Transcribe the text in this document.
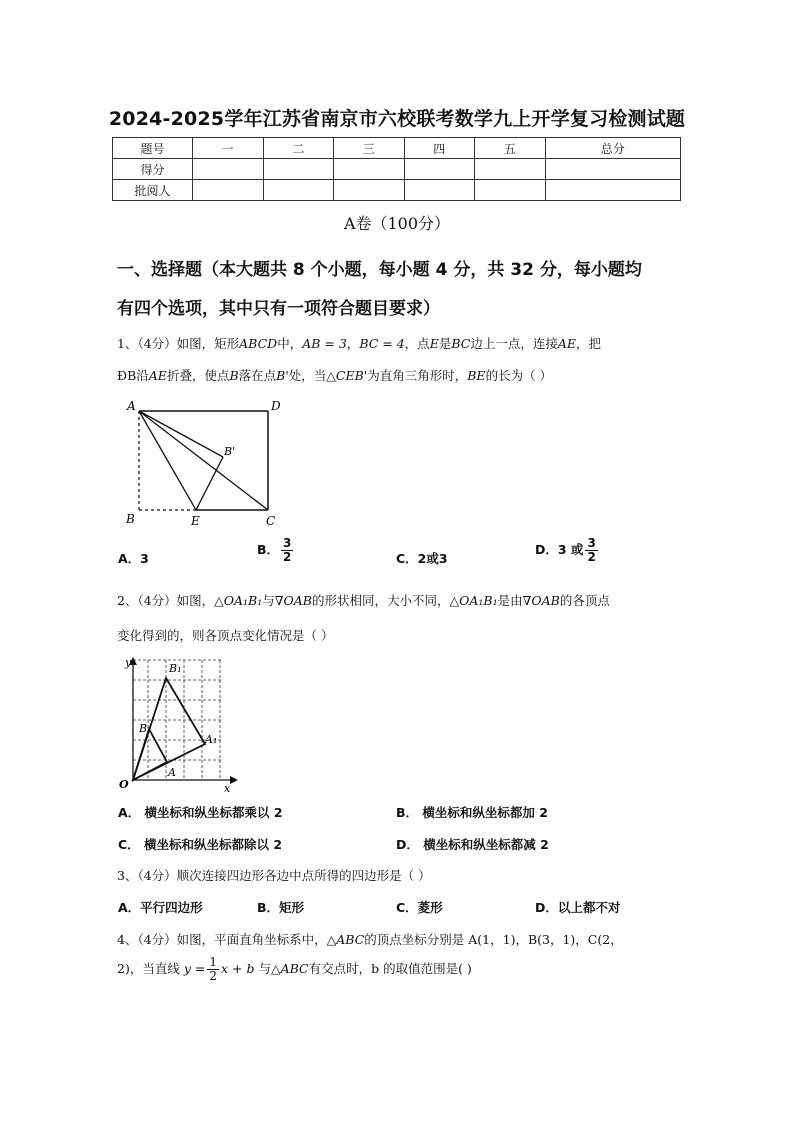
2024-2025学年江苏省南京市六校联考数学九上开学复习检测试题
题号	一	二	三	四	五	总分
得分						
批阅人						
A卷（100分）
一、选择题（本大题共 8 个小题，每小题 4 分，共 32 分，每小题均
有四个选项，其中只有一项符合题目要求）
1、（4分）如图，矩形ABCD中，AB = 3，BC = 4，点E是BC边上一点，连接AE，把
ÐB沿AE折叠，使点B落在点B'处，当△CEB'为直角三角形时，BE的长为（ ）
A	D
B	E	C
B'
A．3
B． $\frac{3}{2}$	C．2或3
D．3 或 $\frac{3}{2}$
2、（4分）如图，△OA₁B₁与∇OAB的形状相同，大小不同，△OA₁B₁是由∇OAB的各顶点
变化得到的，则各顶点变化情况是（ ）
y
x
O
A
B
A₁
B₁
A． 横坐标和纵坐标都乘以 2	B． 横坐标和纵坐标都加 2
C． 横坐标和纵坐标都除以 2	D． 横坐标和纵坐标都减 2
3、（4分）顺次连接四边形各边中点所得的四边形是（ ）
A．平行四边形	B．矩形	C．菱形	D．以上都不对
4、（4分）如图，平面直角坐标系中，△ABC的顶点坐标分别是 A(1，1)，B(3，1)，C(2，
2)，当直线 $y = \frac{1}{2}$ x + b 与△ABC有交点时，b 的取值范围是( )
